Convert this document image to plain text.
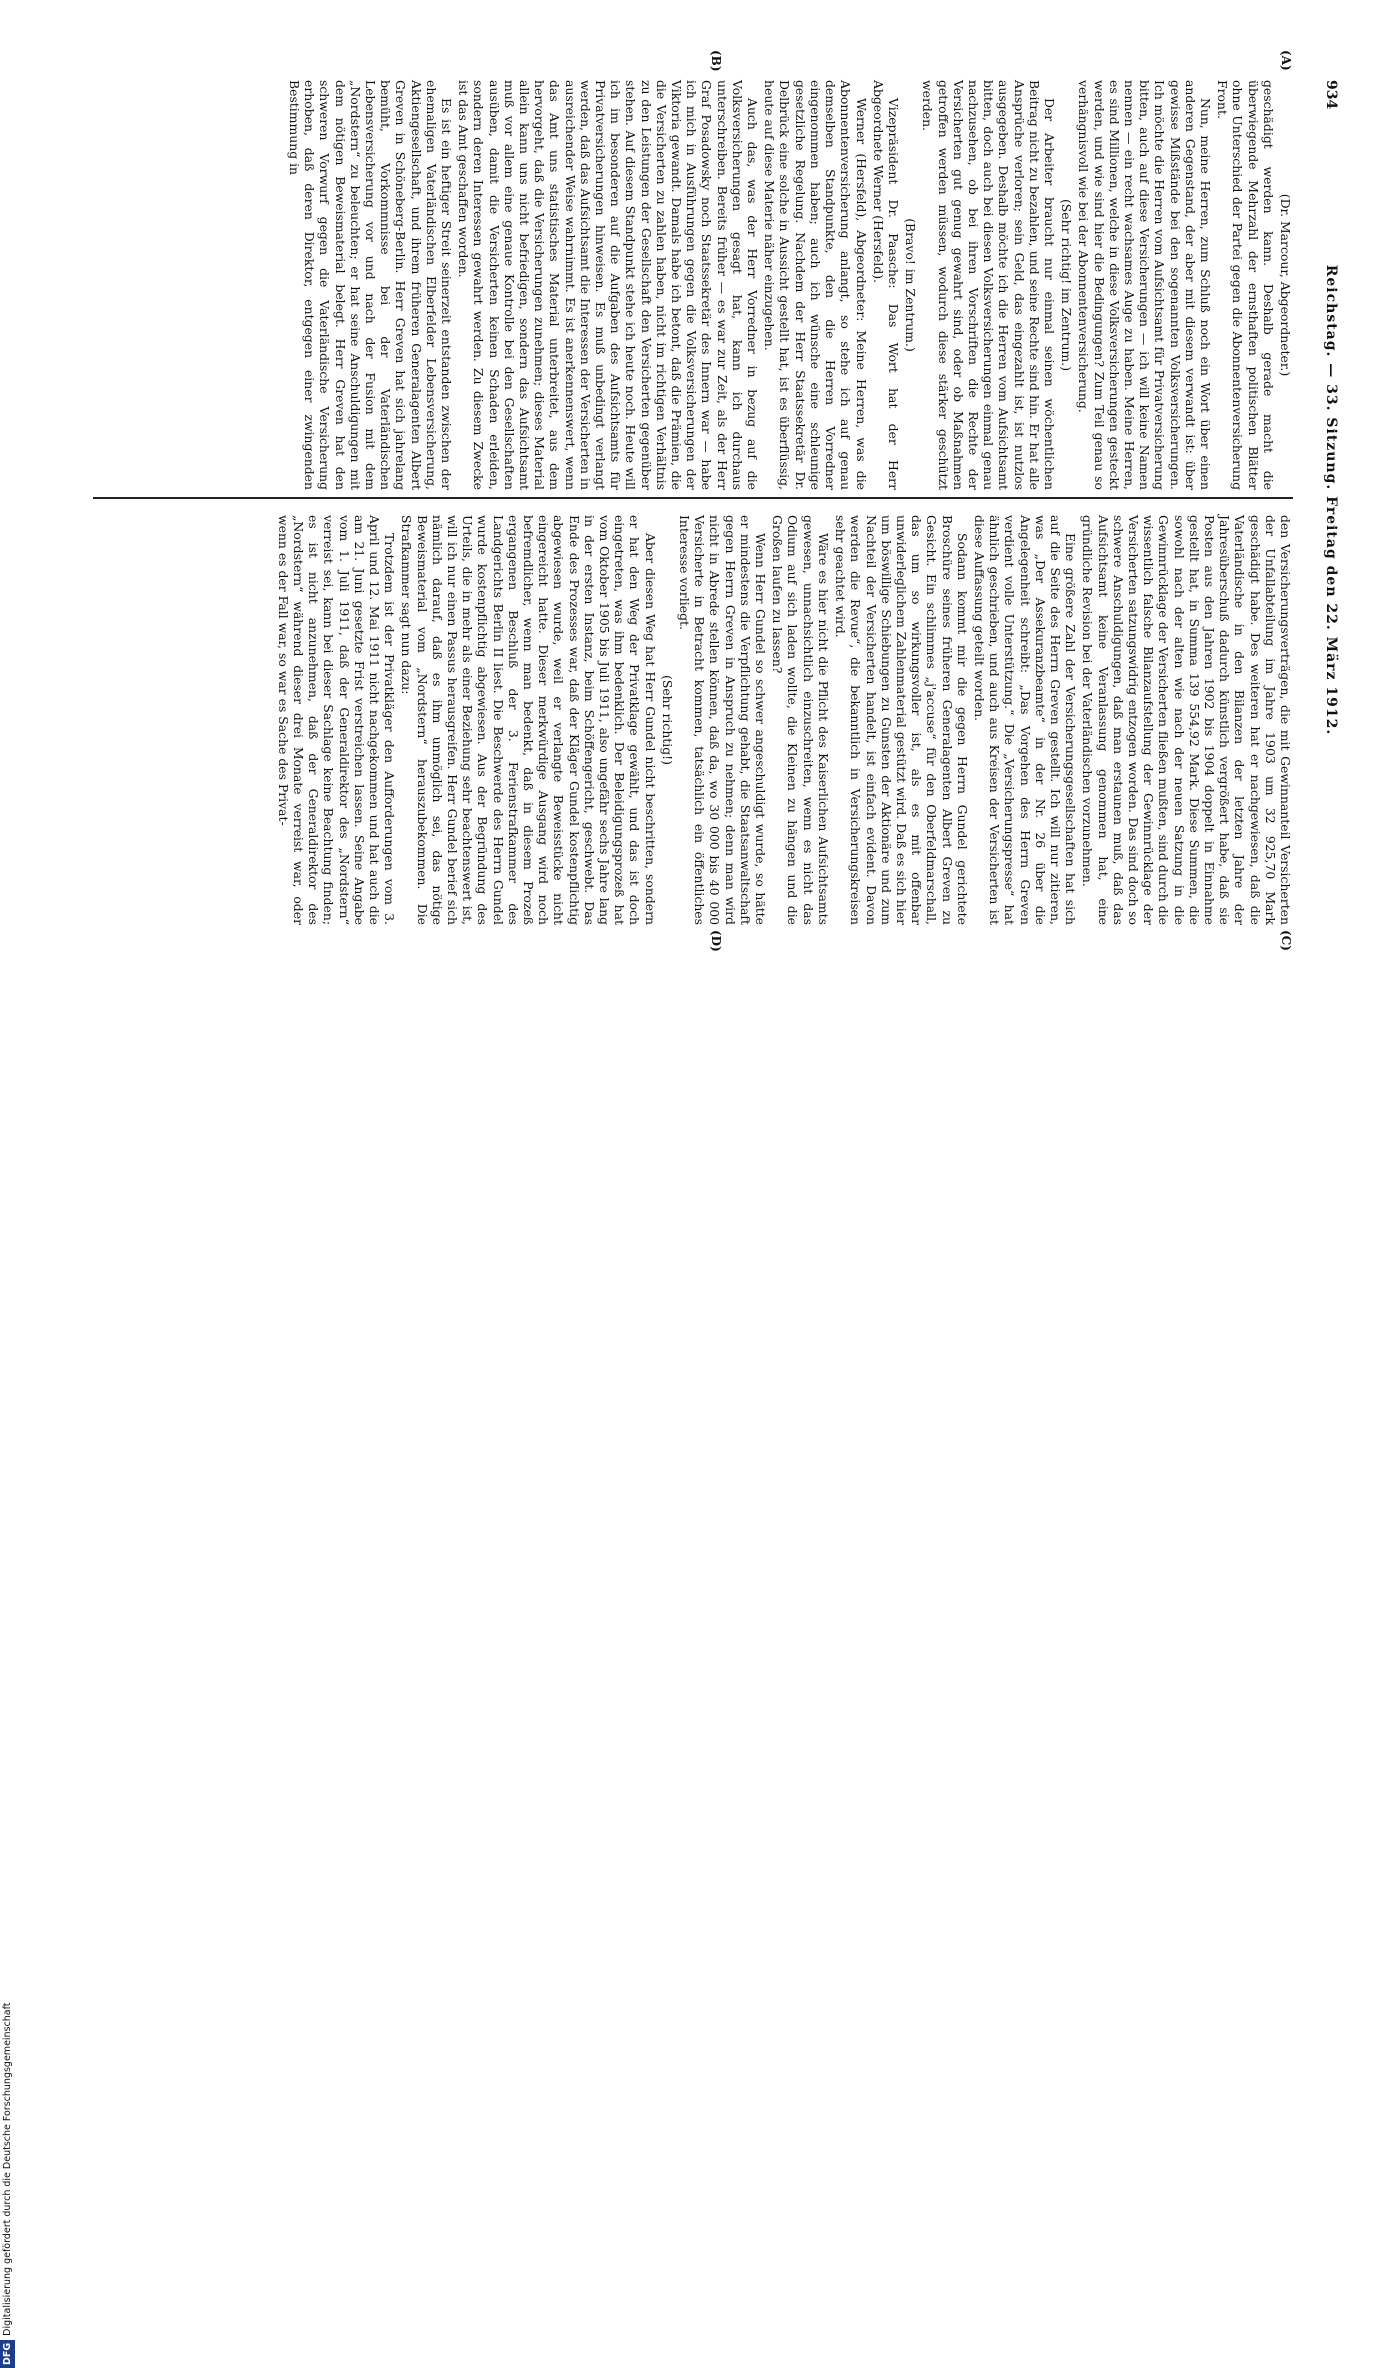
934
Reichstag. — 33. Sitzung. Freitag den 22. März 1912.
(A)
(B)
(C)
(D)

(Dr. Marcour, Abgeordneter.)

geschädigt werden kann. Deshalb gerade macht die überwiegende Mehrzahl der ernsthaften politischen Blätter ohne Unterschied der Partei gegen die Abonnentenversicherung Front.

Nun, meine Herren, zum Schluß noch ein Wort über einen anderen Gegenstand, der aber mit diesem verwandt ist: über gewisse Mißstände bei den sogenannten Volksversicherungen. Ich möchte die Herren vom Aufsichtsamt für Privatversicherung bitten, auch auf diese Versicherungen — ich will keine Namen nennen — ein recht wachsames Auge zu haben. Meine Herren, es sind Millionen, welche in diese Volksversicherungen gesteckt werden, und wie sind hier die Bedingungen? Zum Teil genau so verhängnisvoll wie bei der Abonnentenversicherung.

(Sehr richtig! im Zentrum.)

Der Arbeiter braucht nur einmal seinen wöchentlichen Beitrag nicht zu bezahlen, und seine Rechte sind hin. Er hat alle Ansprüche verloren; sein Geld, das eingezahlt ist, ist nutzlos ausgegeben. Deshalb möchte ich die Herren vom Aufsichtsamt bitten, doch auch bei diesen Volksversicherungen einmal genau nachzusehen, ob bei ihren Vorschriften die Rechte der Versicherten gut genug gewahrt sind, oder ob Maßnahmen getroffen werden müssen, wodurch diese stärker geschützt werden.

(Bravo! im Zentrum.)

Vizepräsident Dr. Paasche: Das Wort hat der Herr Abgeordnete Werner (Hersfeld).

Werner (Hersfeld), Abgeordneter: Meine Herren, was die Abonnentenversicherung anlangt, so stehe ich auf genau demselben Standpunkte, den die Herren Vorredner eingenommen haben; auch ich wünsche eine schleunige gesetzliche Regelung. Nachdem der Herr Staatssekretär Dr. Delbrück eine solche in Aussicht gestellt hat, ist es überflüssig, heute auf diese Materie näher einzugehen.

Auch das, was der Herr Vorredner in bezug auf die Volksversicherungen gesagt hat, kann ich durchaus unterschreiben. Bereits früher — es war zur Zeit, als der Herr Graf Posadowsky noch Staatssekretär des Innern war — habe ich mich in Ausführungen gegen die Volksversicherungen der Viktoria gewandt. Damals habe ich betont, daß die Prämien, die die Versicherten zu zahlen haben, nicht im richtigen Verhältnis zu den Leistungen der Gesellschaft den Versicherten gegenüber stehen. Auf diesem Standpunkt stehe ich heute noch. Heute will ich im besonderen auf die Aufgaben des Aufsichtsamts für Privatversicherungen hinweisen. Es muß unbedingt verlangt werden, daß das Aufsichtsamt die Interessen der Versicherten in ausreichender Weise wahrnimmt. Es ist anerkennenswert, wenn das Amt uns statistisches Material unterbreitet, aus dem hervorgeht, daß die Versicherungen zunehmen; dieses Material allein kann uns nicht befriedigen, sondern das Aufsichtsamt muß vor allem eine genaue Kontrolle bei den Gesellschaften ausüben, damit die Versicherten keinen Schaden erleiden, sondern deren Interessen gewahrt werden. Zu diesem Zwecke ist das Amt geschaffen worden.

Es ist ein heftiger Streit seinerzeit entstanden zwischen der ehemaligen Vaterländischen Elberfelder Lebensversicherung, Aktiengesellschaft, und ihrem früheren Generalagenten Albert Greven in Schöneberg-Berlin. Herr Greven hat sich jahrelang bemüht, Vorkommnisse bei der Vaterländischen Lebensversicherung vor und nach der Fusion mit dem „Nordstern“ zu beleuchten; er hat seine Anschuldigungen mit dem nötigen Beweismaterial belegt. Herr Greven hat den schweren Vorwurf gegen die Vaterländische Versicherung erhoben, daß deren Direktor, entgegen einer zwingenden Bestimmung in

den Versicherungsverträgen, die mit Gewinnanteil Versicherten der Unfallabteilung im Jahre 1903 um 32 925,70 Mark geschädigt habe. Des weiteren hat er nachgewiesen, daß die Vaterländische in den Bilanzen der letzten Jahre der Jahresüberschuß dadurch künstlich vergrößert habe, daß sie Posten aus den Jahren 1902 bis 1904 doppelt in Einnahme gestellt hat, in Summa 139 554,92 Mark. Diese Summen, die sowohl nach der alten wie nach der neuen Satzung in die Gewinnrücklage der Versicherten fließen mußten, sind durch die wissentlich falsche Bilanzaufstellung der Gewinnrücklage der Versicherten satzungswidrig entzogen worden. Das sind doch so schwere Anschuldigungen, daß man erstaunen muß, daß das Aufsichtsamt keine Veranlassung genommen hat, eine gründliche Revision bei der Vaterländischen vorzunehmen.

Eine größere Zahl der Versicherungsgesellschaften hat sich auf die Seite des Herrn Greven gestellt. Ich will nur zitieren, was „Der Assekuranzbeamte“ in der Nr. 26 über die Angelegenheit schreibt: „Das Vorgehen des Herrn Greven verdient volle Unterstützung.“ Die „Versicherungspresse“ hat ähnlich geschrieben, und auch aus Kreisen der Versicherten ist diese Auffassung geteilt worden.

Sodann kommt mir die gegen Herrn Gundel gerichtete Broschüre seines früheren Generalagenten Albert Greven zu Gesicht. Ein schlimmes „j'accuse“ für den Oberfeldmarschall, das um so wirkungsvoller ist, als es mit offenbar unwiderleglichem Zahlenmaterial gestützt wird. Daß es sich hier um böswillige Schiebungen zu Gunsten der Aktionäre und zum Nachteil der Versicherten handelt, ist einfach evident. Davon werden die Revue“, die bekanntlich in Versicherungskreisen sehr geachtet wird.

Wäre es hier nicht die Pflicht des Kaiserlichen Aufsichtsamts gewesen, unnachsichtlich einzuschreiten, wenn es nicht das Odium auf sich laden wollte, die Kleinen zu hängen und die Großen laufen zu lassen?

Wenn Herr Gundel so schwer angeschuldigt wurde, so hätte er mindestens die Verpflichtung gehabt, die Staatsanwaltschaft gegen Herrn Greven in Anspruch zu nehmen; denn man wird nicht in Abrede stellen können, daß da, wo 30 000 bis 40 000 Versicherte in Betracht kommen, tatsächlich ein öffentliches Interesse vorliegt.

(Sehr richtig!)

Aber diesen Weg hat Herr Gundel nicht beschritten, sondern er hat den Weg der Privatklage gewählt, und das ist doch eingetreten, was ihm bedenklich. Der Beleidigungsprozeß hat vom Oktober 1905 bis Juli 1911, also ungefähr sechs Jahre lang in der ersten Instanz, beim Schöffengericht, geschwebt. Das Ende des Prozesses war, daß der Kläger Gundel kostenpflichtig abgewiesen wurde, weil er verlangte Beweisstücke nicht eingereicht hatte. Dieser merkwürdige Ausgang wird noch befremdlicher, wenn man bedenkt, daß in diesem Prozeß ergangenen Beschluß der 3. Ferienstrafkammer des Landgerichts Berlin II liest. Die Beschwerde des Herrn Gundel wurde kostenpflichtig abgewiesen. Aus der Begründung des Urteils, die in mehr als einer Beziehung sehr beachtenswert ist, will ich nur einen Passus herausgreifen. Herr Gundel berief sich nämlich darauf, daß es ihm unmöglich sei, das nötige Beweismaterial vom „Nordstern“ herauszubekommen. Die Strafkammer sagt nun dazu:

Trotzdem ist der Privatkläger den Aufforderungen vom 3. April und 12. Mai 1911 nicht nachgekommen und hat auch die am 21. Juni gesetzte Frist verstreichen lassen. Seine Angabe vom 1. Juli 1911, daß der Generaldirektor des „Nordstern“ verreist sei, kann bei dieser Sachlage keine Beachtung finden; es ist nicht anzunehmen, daß der Generaldirektor des „Nordstern“ während dieser drei Monate verreist war, oder wenn es der Fall war, so war es Sache des Privat-

DFGDigitalisierung gefördert durch die Deutsche Forschungsgemeinschaft
